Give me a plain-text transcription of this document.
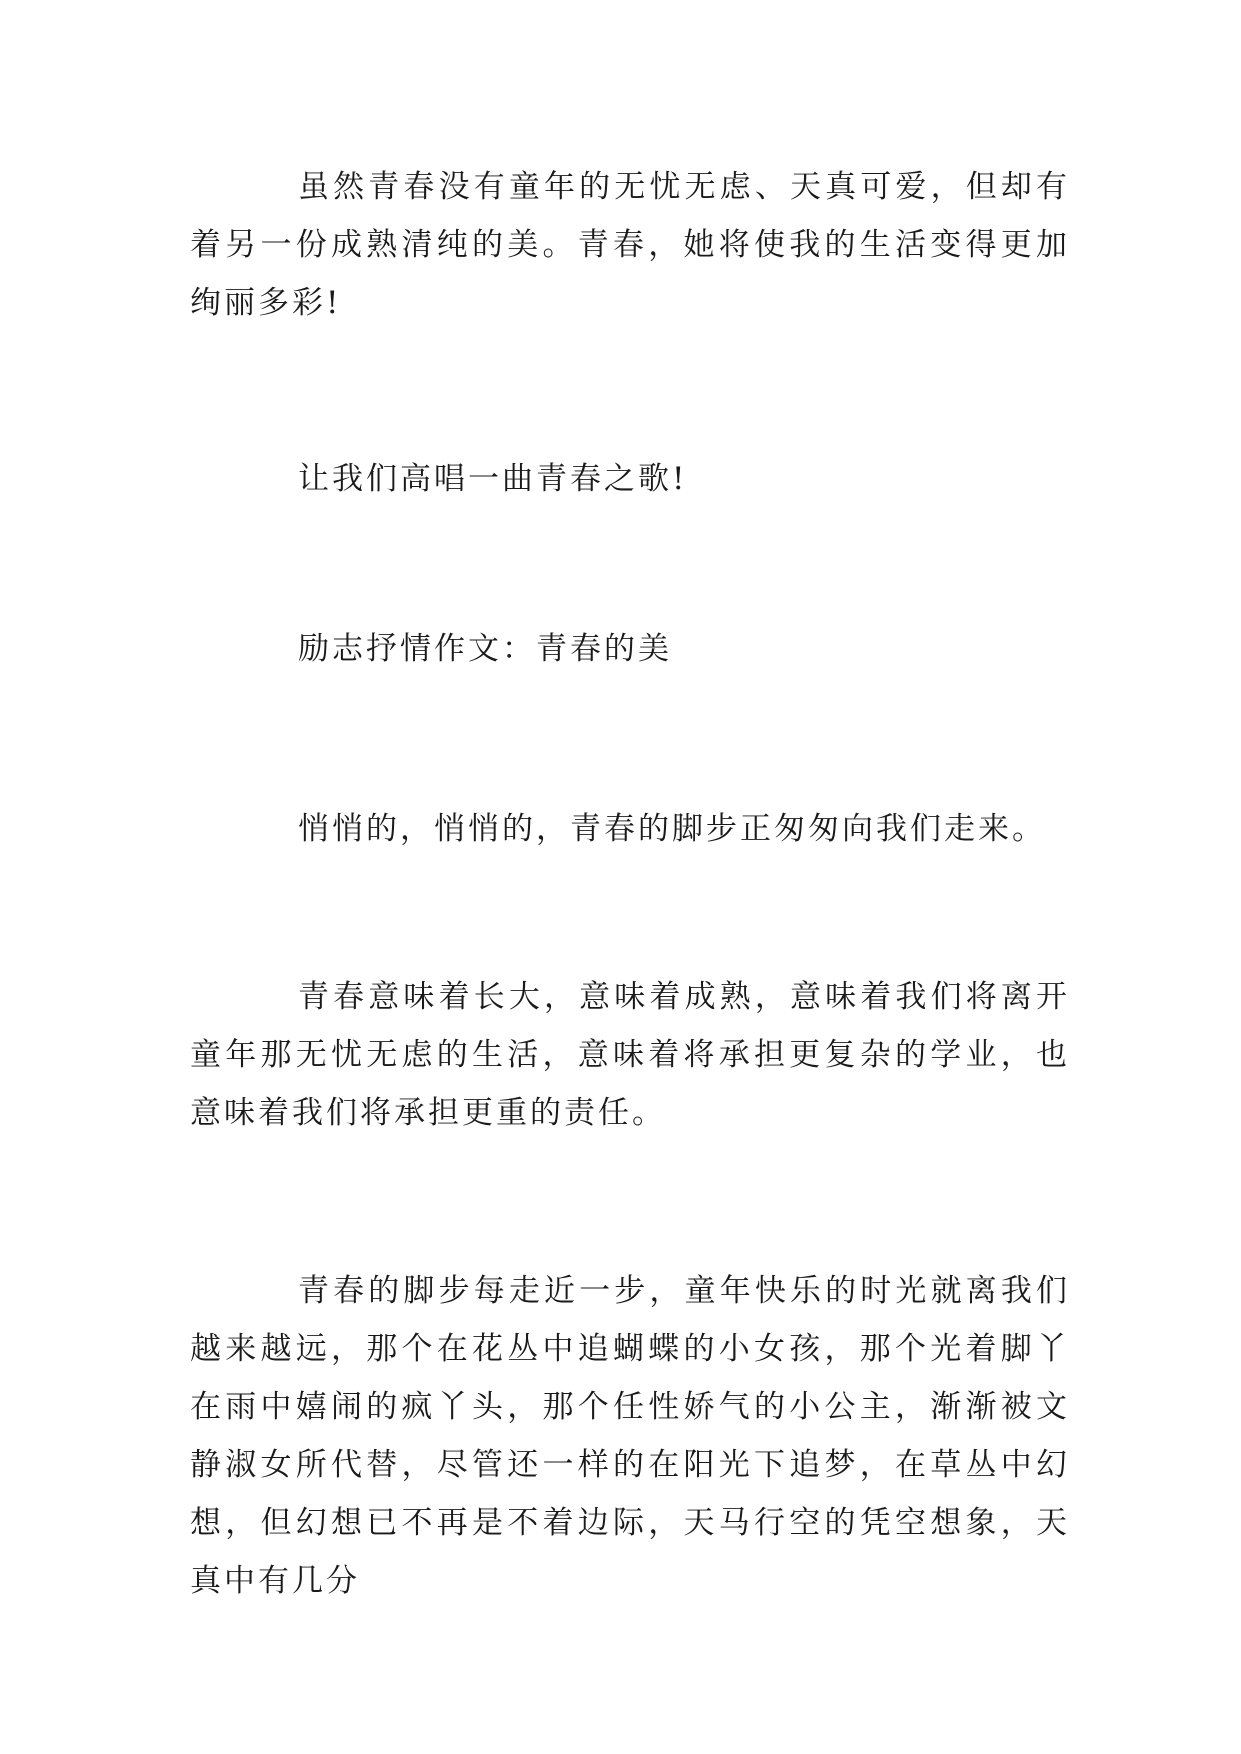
虽然青春没有童年的无忧无虑、天真可爱，但却有着另一份成熟清纯的美。青春，她将使我的生活变得更加绚丽多彩!

让我们高唱一曲青春之歌!

励志抒情作文：青春的美

悄悄的，悄悄的，青春的脚步正匆匆向我们走来。

青春意味着长大，意味着成熟，意味着我们将离开童年那无忧无虑的生活，意味着将承担更复杂的学业，也意味着我们将承担更重的责任。

青春的脚步每走近一步，童年快乐的时光就离我们越来越远，那个在花丛中追蝴蝶的小女孩，那个光着脚丫在雨中嬉闹的疯丫头，那个任性娇气的小公主，渐渐被文静淑女所代替，尽管还一样的在阳光下追梦，在草丛中幻想，但幻想已不再是不着边际，天马行空的凭空想象，天真中有几分
